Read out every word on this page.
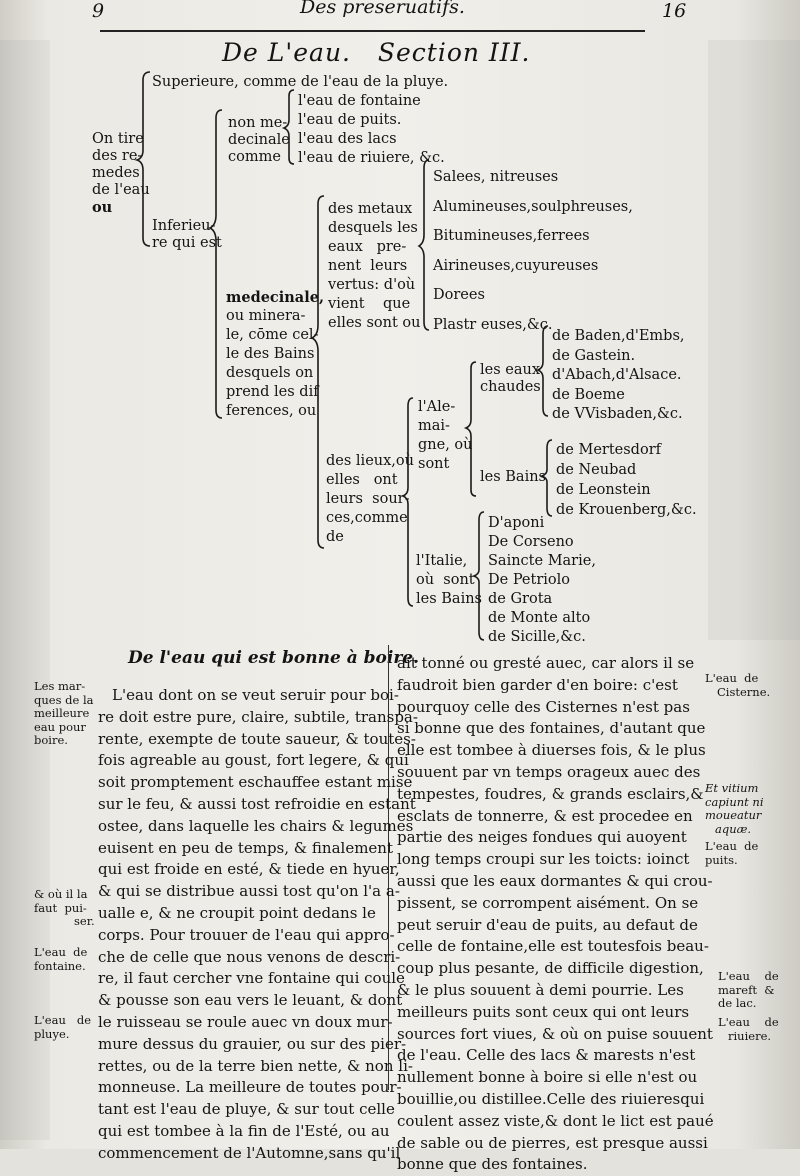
9	Des preseruatifs.	16
De L'eau.   Section III.
On tire
des re-
medes
de l'eau
ou
Superieure, comme de l'eau de la pluye.
Inferieu-
re qui est
non me-
decinale
comme
l'eau de fontaine
l'eau de puits.
l'eau des lacs
l'eau de riuiere, &c.
medecinale,
ou minera-
le, cōme cel-
le des Bains
desquels on
prend les dif
ferences, ou
des metaux
desquels les
eaux   pre-
nent  leurs
vertus: d'où
vient    que
elles sont ou
Salees, nitreuses
Alumineuses,soulphreuses,
Bitumineuses,ferrees
Airineuses,cuyureuses
Dorees
Plastr euses,&c.
des lieux,où
elles   ont
leurs  sour-
ces,comme
de
l'Ale-
mai-
gne, où
sont
les eaux
chaudes
de Baden,d'Embs,
de Gastein.
d'Abach,d'Alsace.
de Boeme
de VVisbaden,&c.
les Bains
de Mertesdorf
de Neubad
de Leonstein
de Krouenberg,&c.
l'Italie,
où  sont
les Bains
D'aponi
De Corseno
Saincte Marie,
De Petriolo
de Grota
de Monte alto
de Sicille,&c.
De l'eau qui est bonne à boire.
L'eau dont on se veut seruir pour boi-
re doit estre pure, claire, subtile, transpa-
rente, exempte de toute saueur, & toutes-
fois agreable au goust, fort legere, & qui
soit promptement eschauffee estant mise
sur le feu, & aussi tost refroidie en estant
ostee, dans laquelle les chairs & legumes
euisent en peu de temps, & finalement
qui est froide en esté, & tiede en hyuer,
& qui se distribue aussi tost qu'on l'a a-
ualle e, & ne croupit point dedans le
corps. Pour trouuer de l'eau qui appro-
che de celle que nous venons de descri-
re, il faut cercher vne fontaine qui coule
& pousse son eau vers le leuant, & dont
le ruisseau se roule auec vn doux mur-
mure dessus du grauier, ou sur des pier-
rettes, ou de la terre bien nette, & non li-
monneuse. La meilleure de toutes pour-
tant est l'eau de pluye, & sur tout celle
qui est tombee à la fin de l'Esté, ou au
commencement de l'Automne,sans qu'il
ait tonné ou gresté auec, car alors il se
faudroit bien garder d'en boire: c'est
pourquoy celle des Cisternes n'est pas
si bonne que des fontaines, d'autant que
elle est tombee à diuerses fois, & le plus
souuent par vn temps orageux auec des
tempestes, foudres, & grands esclairs,&
esclats de tonnerre, & est procedee en
partie des neiges fondues qui auoyent
long temps croupi sur les toicts: ioinct
aussi que les eaux dormantes & qui crou-
pissent, se corrompent aisément. On se
peut seruir d'eau de puits, au defaut de
celle de fontaine,elle est toutesfois beau-
coup plus pesante, de difficile digestion,
& le plus souuent à demi pourrie. Les
meilleurs puits sont ceux qui ont leurs
sources fort viues, & où on puise souuent
de l'eau. Celle des lacs & marests n'est
nullement bonne à boire si elle n'est ou
bouillie,ou distillee.Celle des riuieresqui
coulent assez viste,& dont le lict est paué
de sable ou de pierres, est presque aussi
bonne que des fontaines.
Les mar-
ques de la
meilleure
eau pour
boire.
& où il la
faut  pui-
ser.
L'eau  de
fontaine.
L'eau   de
pluye.
L'eau  de
Cisterne.
Et vitium
capiunt ni
moueatur
aquæ.
L'eau  de
puits.
L'eau    de
mareft  &
de lac.
L'eau    de
riuiere.
